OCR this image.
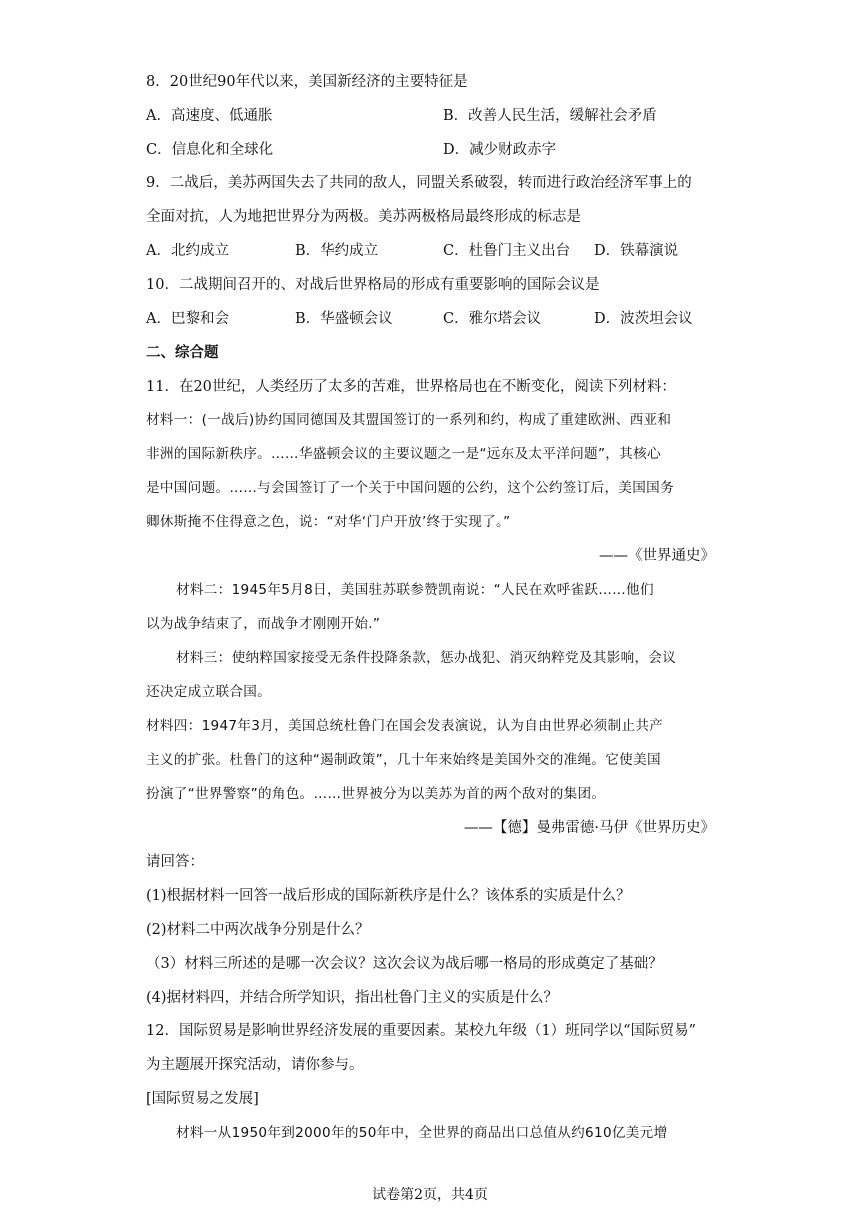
8．20世纪90年代以来，美国新经济的主要特征是
A．高速度、低通胀	B．改善人民生活，缓解社会矛盾
C．信息化和全球化	D．减少财政赤字
9．二战后，美苏两国失去了共同的敌人，同盟关系破裂，转而进行政治经济军事上的
全面对抗，人为地把世界分为两极。美苏两极格局最终形成的标志是
A．北约成立	B．华约成立	C．杜鲁门主义出台 D．铁幕演说
10．二战期间召开的、对战后世界格局的形成有重要影响的国际会议是
A．巴黎和会	B．华盛顿会议	C．雅尔塔会议	D．波茨坦会议
二、综合题
11．在20世纪，人类经历了太多的苦难，世界格局也在不断变化，阅读下列材料：
材料一：(一战后)协约国同德国及其盟国签订的一系列和约，构成了重建欧洲、西亚和
非洲的国际新秩序。……华盛顿会议的主要议题之一是“远东及太平洋问题”，其核心
是中国问题。……与会国签订了一个关于中国问题的公约，这个公约签订后，美国国务
卿休斯掩不住得意之色，说：“对华‘门户开放’终于实现了。”
——《世界通史》
材料二：1945年5月8日，美国驻苏联参赞凯南说：“人民在欢呼雀跃……他们
以为战争结束了，而战争才刚刚开始.”
材料三：使纳粹国家接受无条件投降条款，惩办战犯、消灭纳粹党及其影响，会议
还决定成立联合国。
材料四：1947年3月，美国总统杜鲁门在国会发表演说，认为自由世界必须制止共产
主义的扩张。杜鲁门的这种“遏制政策”，几十年来始终是美国外交的准绳。它使美国
扮演了“世界警察”的角色。……世界被分为以美苏为首的两个敌对的集团。
——【德】曼弗雷德·马伊《世界历史》
请回答：
(1)根据材料一回答一战后形成的国际新秩序是什么？该体系的实质是什么？
(2)材料二中两次战争分别是什么？
（3）材料三所述的是哪一次会议？这次会议为战后哪一格局的形成奠定了基础？
(4)据材料四，并结合所学知识，指出杜鲁门主义的实质是什么？
12．国际贸易是影响世界经济发展的重要因素。某校九年级（1）班同学以“国际贸易”
为主题展开探究活动，请你参与。
[国际贸易之发展]
材料一从1950年到2000年的50年中，全世界的商品出口总值从约610亿美元增
试卷第2页，共4页
